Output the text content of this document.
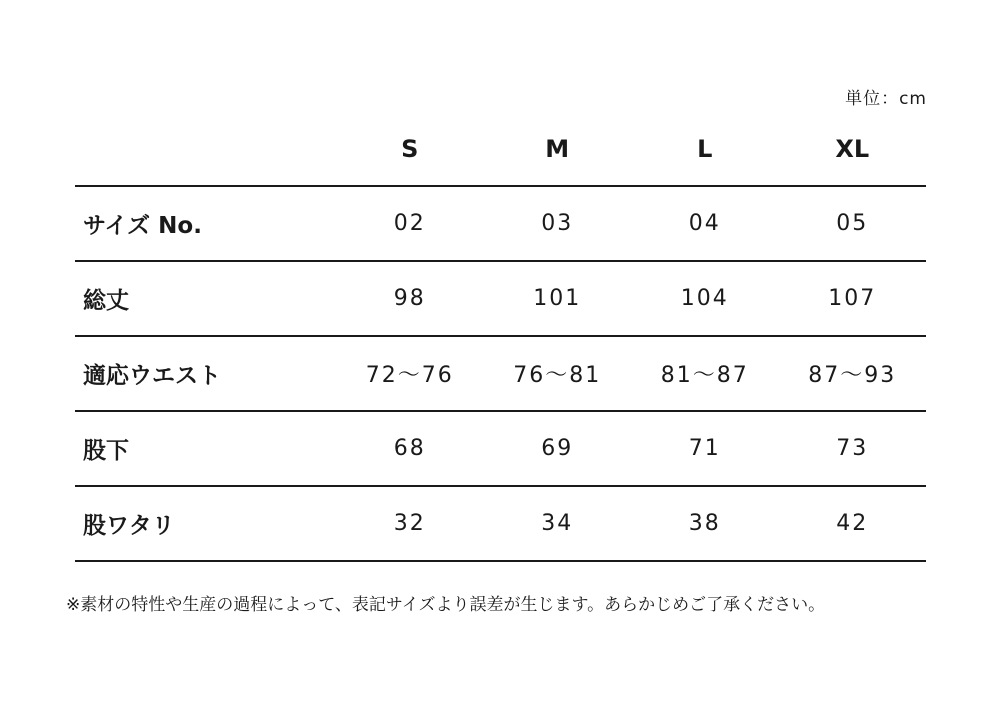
単位：cm
	S	M	L	XL
サイズ No.	02	03	04	05
総丈	98	101	104	107
適応ウエスト	72〜76	76〜81	81〜87	87〜93
股下	68	69	71	73
股ワタリ	32	34	38	42
※素材の特性や生産の過程によって、表記サイズより誤差が生じます。あらかじめご了承ください。
